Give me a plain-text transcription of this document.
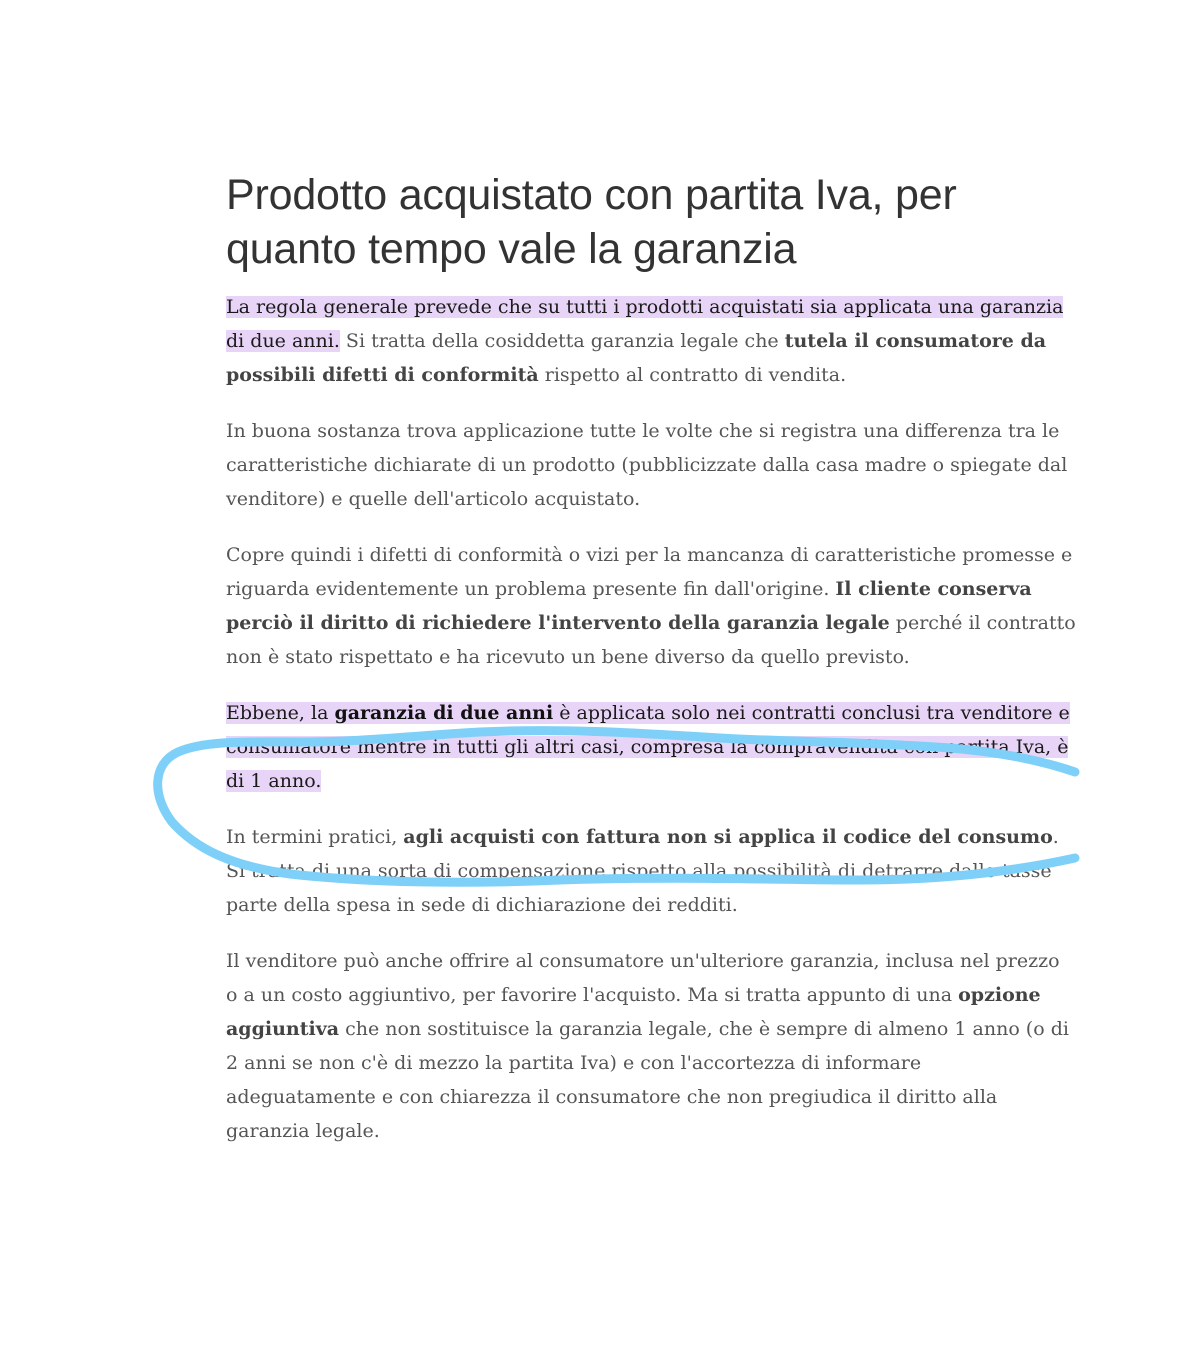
Prodotto acquistato con partita Iva, per quanto tempo vale la garanzia

La regola generale prevede che su tutti i prodotti acquistati sia applicata una garanzia di due anni. Si tratta della cosiddetta garanzia legale che tutela il consumatore da possibili difetti di conformità rispetto al contratto di vendita.

In buona sostanza trova applicazione tutte le volte che si registra una differenza tra le caratteristiche dichiarate di un prodotto (pubblicizzate dalla casa madre o spiegate dal venditore) e quelle dell'articolo acquistato.

Copre quindi i difetti di conformità o vizi per la mancanza di caratteristiche promesse e riguarda evidentemente un problema presente fin dall'origine. Il cliente conserva perciò il diritto di richiedere l'intervento della garanzia legale perché il contratto non è stato rispettato e ha ricevuto un bene diverso da quello previsto.

Ebbene, la garanzia di due anni è applicata solo nei contratti conclusi tra venditore e consumatore mentre in tutti gli altri casi, compresa la compravendita con partita Iva, è di 1 anno.

In termini pratici, agli acquisti con fattura non si applica il codice del consumo. Si tratta di una sorta di compensazione rispetto alla possibilità di detrarre dalle tasse parte della spesa in sede di dichiarazione dei redditi.

Il venditore può anche offrire al consumatore un'ulteriore garanzia, inclusa nel prezzo o a un costo aggiuntivo, per favorire l'acquisto. Ma si tratta appunto di una opzione aggiuntiva che non sostituisce la garanzia legale, che è sempre di almeno 1 anno (o di 2 anni se non c'è di mezzo la partita Iva) e con l'accortezza di informare adeguatamente e con chiarezza il consumatore che non pregiudica il diritto alla garanzia legale.
